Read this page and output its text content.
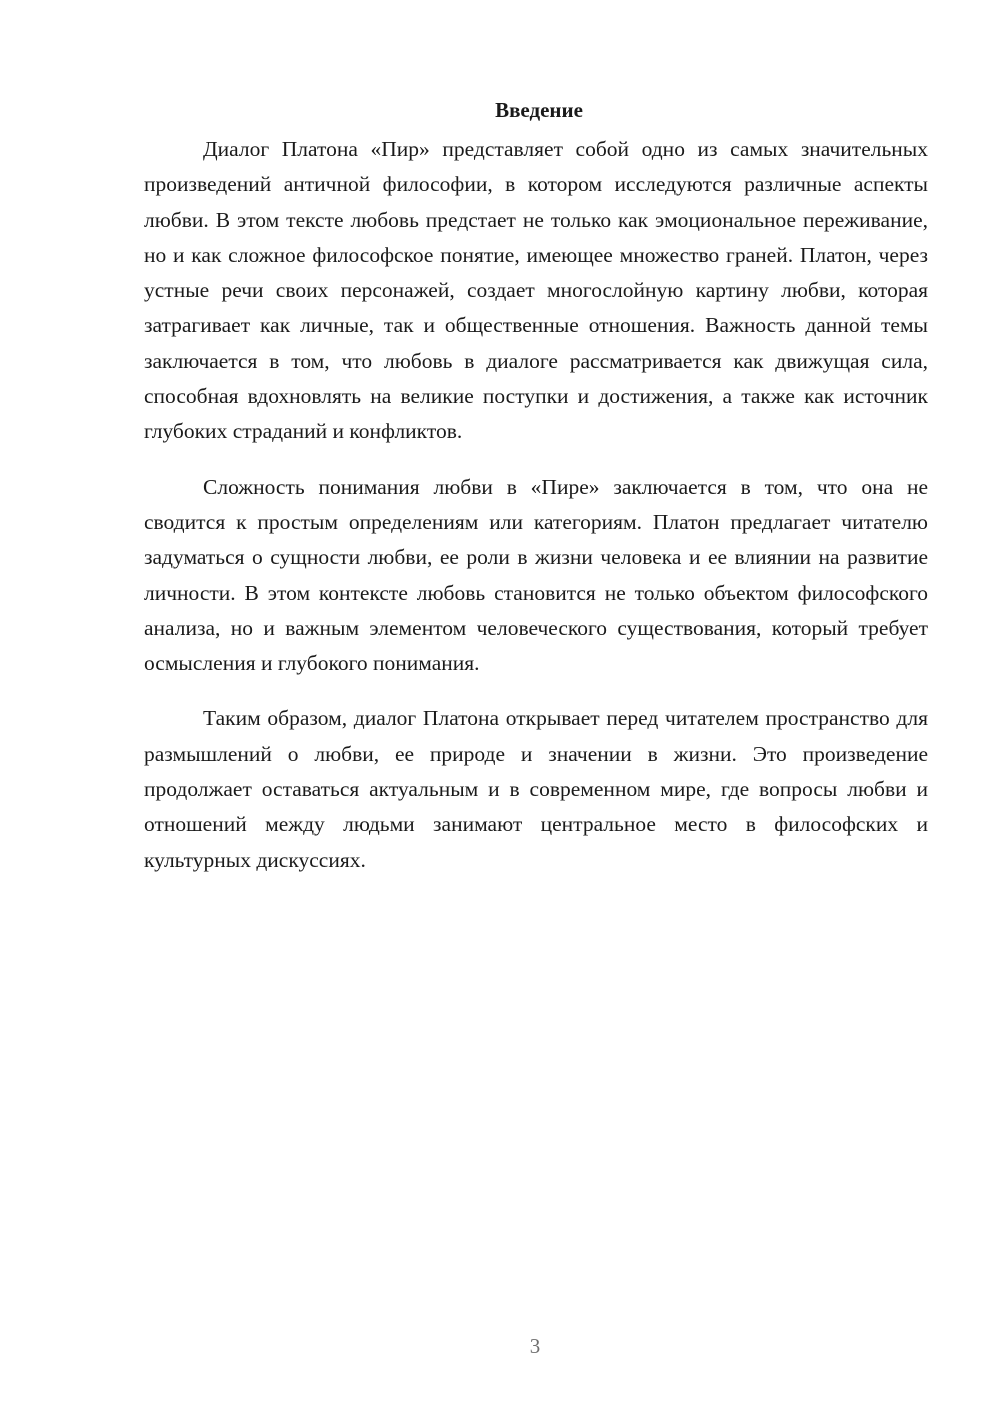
Введение

Диалог Платона «Пир» представляет собой одно из самых значительных произведений античной философии, в котором исследуются различные аспекты любви. В этом тексте любовь предстает не только как эмоциональное переживание, но и как сложное философское понятие, имеющее множество граней. Платон, через устные речи своих персонажей, создает многослойную картину любви, которая затрагивает как личные, так и общественные отношения. Важность данной темы заключается в том, что любовь в диалоге рассматривается как движущая сила, способная вдохновлять на великие поступки и достижения, а также как источник глубоких страданий и конфликтов.

Сложность понимания любви в «Пире» заключается в том, что она не сводится к простым определениям или категориям. Платон предлагает читателю задуматься о сущности любви, ее роли в жизни человека и ее влиянии на развитие личности. В этом контексте любовь становится не только объектом философского анализа, но и важным элементом человеческого существования, который требует осмысления и глубокого понимания.

Таким образом, диалог Платона открывает перед читателем пространство для размышлений о любви, ее природе и значении в жизни. Это произведение продолжает оставаться актуальным и в современном мире, где вопросы любви и отношений между людьми занимают центральное место в философских и культурных дискуссиях.

3
